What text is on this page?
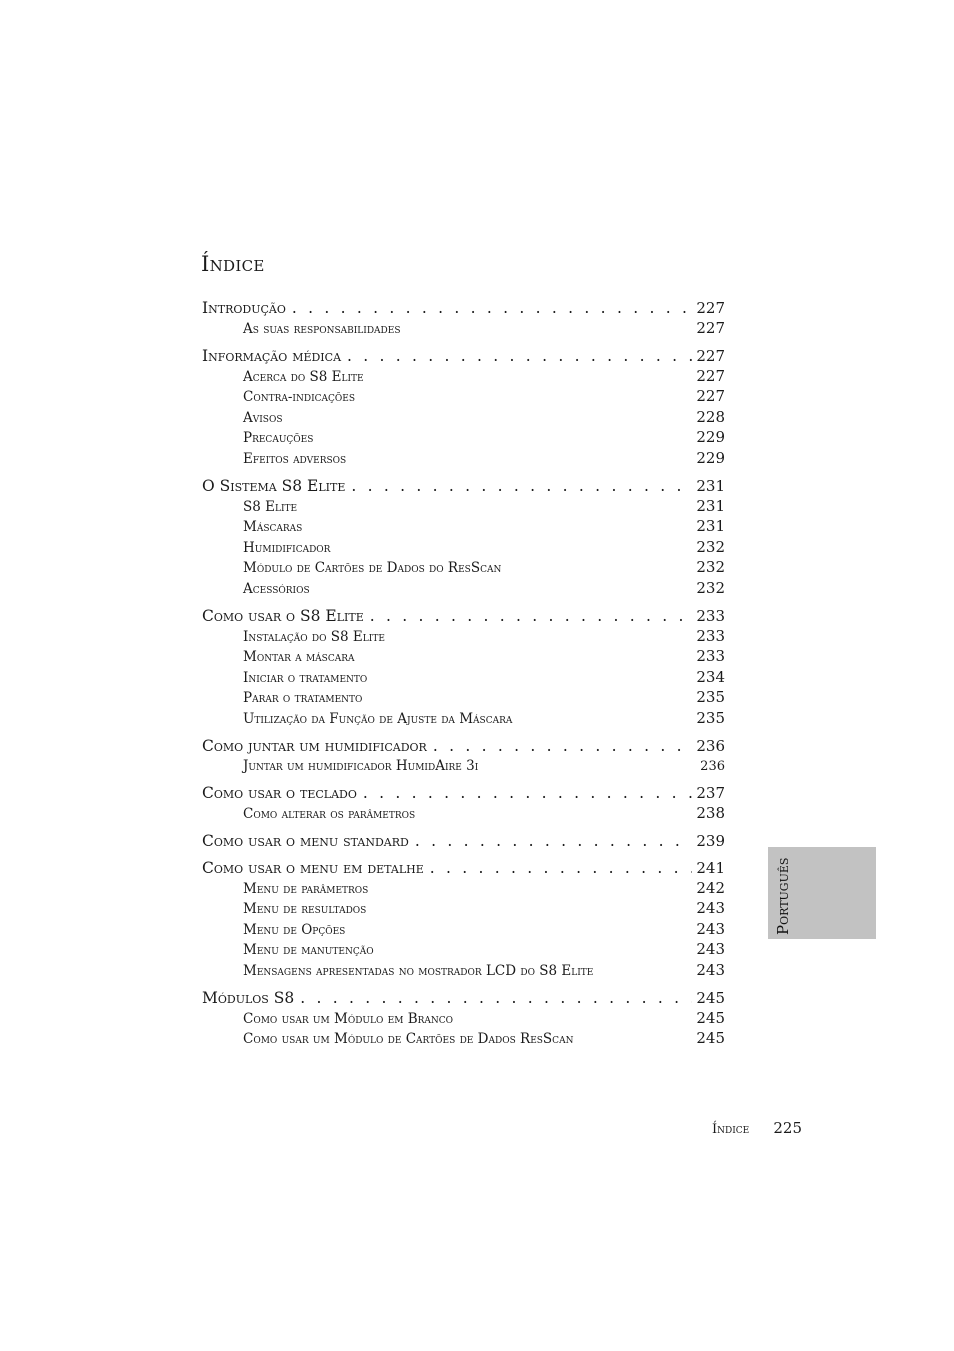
Índice
Introdução . . .	227
As suas responsabilidades	227
Informação médica . . .	227
Acerca do S8 Elite	227
Contra-indicações	227
Avisos	228
Precauções	229
Efeitos adversos	229
O Sistema S8 Elite . . .	231
S8 Elite	231
Máscaras	231
Humidificador	232
Módulo de Cartões de Dados do ResScan	232
Acessórios	232
Como usar o S8 Elite . . .	233
Instalação do S8 Elite	233
Montar a máscara	233
Iniciar o tratamento	234
Parar o tratamento	235
Utilização da Função de Ajuste da Máscara	235
Como juntar um humidificador . . .	236
Juntar um humidificador HumidAire 3i	236
Como usar o teclado . . .	237
Como alterar os parâmetros	238
Como usar o menu standard . . .	239
Como usar o menu em detalhe . . .	241
Menu de parâmetros	242
Menu de resultados	243
Menu de Opções	243
Menu de manutenção	243
Mensagens apresentadas no mostrador LCD do S8 Elite	243
Módulos S8 . . .	245
Como usar um Módulo em Branco	245
Como usar um Módulo de Cartões de Dados ResScan	245
Português
Índice 225
